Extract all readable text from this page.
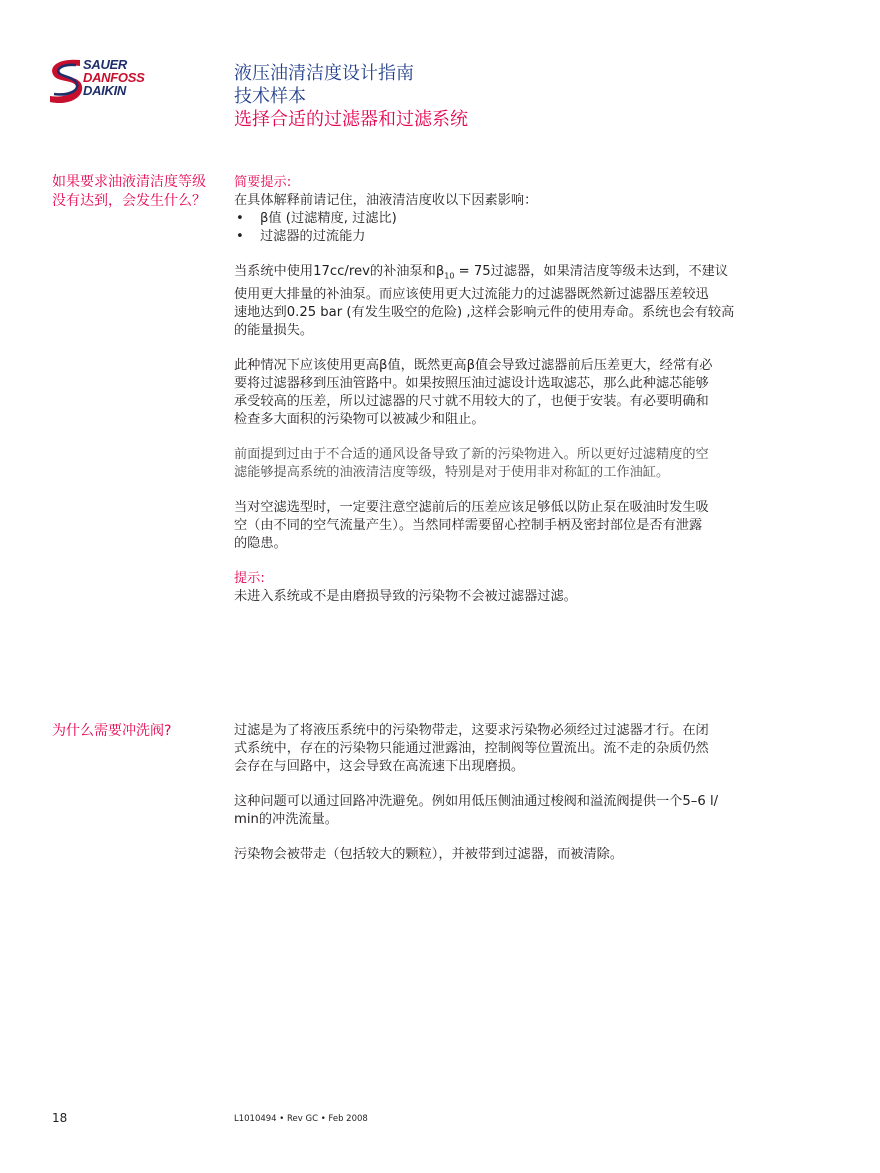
SAUER
DANFOSS
DAIKIN
液压油清洁度设计指南
技术样本
选择合适的过滤器和过滤系统
如果要求油液清洁度等级
没有达到，会发生什么？
简要提示:

在具体解释前请记住，油液清洁度收以下因素影响：

•	β值 (过滤精度, 过滤比)
•	过滤器的过流能力

当系统中使用17cc/rev的补油泵和$\beta_{10} = 75$过滤器，如果清洁度等级未达到，不建议

使用更大排量的补油泵。而应该使用更大过流能力的过滤器既然新过滤器压差较迅

速地达到0.25 bar (有发生吸空的危险) ,这样会影响元件的使用寿命。系统也会有较高

的能量损失。

此种情况下应该使用更高β值，既然更高β值会导致过滤器前后压差更大，经常有必

要将过滤器移到压油管路中。如果按照压油过滤设计选取滤芯，那么此种滤芯能够

承受较高的压差，所以过滤器的尺寸就不用较大的了，也便于安装。有必要明确和

检查多大面积的污染物可以被减少和阻止。

前面提到过由于不合适的通风设备导致了新的污染物进入。所以更好过滤精度的空

滤能够提高系统的油液清洁度等级，特别是对于使用非对称缸的工作油缸。

当对空滤选型时，一定要注意空滤前后的压差应该足够低以防止泵在吸油时发生吸

空（由不同的空气流量产生）。当然同样需要留心控制手柄及密封部位是否有泄露

的隐患。

提示:

未进入系统或不是由磨损导致的污染物不会被过滤器过滤。

为什么需要冲洗阀?	过滤是为了将液压系统中的污染物带走，这要求污染物必须经过过滤器才行。在闭

式系统中，存在的污染物只能通过泄露油，控制阀等位置流出。流不走的杂质仍然

会存在与回路中，这会导致在高流速下出现磨损。

这种问题可以通过回路冲洗避免。例如用低压侧油通过梭阀和溢流阀提供一个5–6 l/

min的冲洗流量。

污染物会被带走（包括较大的颗粒），并被带到过滤器，而被清除。

18	L1010494 • Rev GC • Feb 2008
